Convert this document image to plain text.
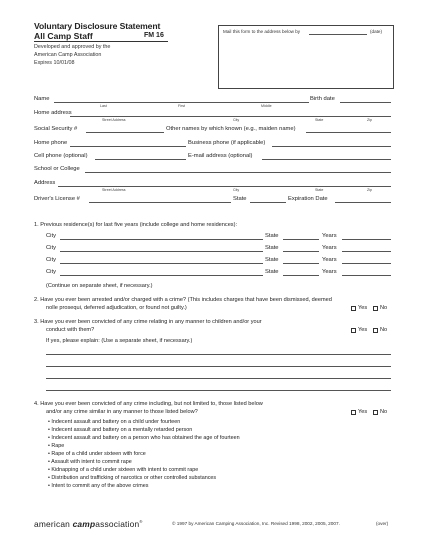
Voluntary Disclosure Statement
All Camp Staff	FM 16
Developed and approved by the
American Camp Association
Expires 10/01/08
Mail this form to the address below by	(date)
Name
Last	First	Middle
Birth date
Home address
Street Address	City	State	Zip
Social Security #	Other names by which known (e.g., maiden name)
Home phone	Business phone (if applicable)
Cell phone (optional)	E-mail address (optional)
School or College
Address
Street Address	City	State	Zip
Driver's License #	State	Expiration Date
1. Previous residence(s) for last five years (include college and home residences):
City	State	Years
City	State	Years
City	State	Years
City	State	Years
(Continue on separate sheet, if necessary.)
2. Have you ever been arrested and/or charged with a crime? (This includes charges that have been dismissed, deemed
nolle prosequi, deferred adjudication, or found not guilty.)	Yes No
3. Have you ever been convicted of any crime relating in any manner to children and/or your
conduct with them?	Yes No
If yes, please explain: (Use a separate sheet, if necessary.)
4. Have you ever been convicted of any crime including, but not limited to, those listed below
and/or any crime similar in any manner to those listed below?	Yes No
• Indecent assault and battery on a child under fourteen
• Indecent assault and battery on a mentally retarded person
• Indecent assault and battery on a person who has obtained the age of fourteen
• Rape
• Rape of a child under sixteen with force
• Assault with intent to commit rape
• Kidnapping of a child under sixteen with intent to commit rape
• Distribution and trafficking of narcotics or other controlled substances
• Intent to commit any of the above crimes
american campassociation®	© 1997 by American Camping Association, Inc. Revised 1998, 2002, 2005, 2007.	(over)
